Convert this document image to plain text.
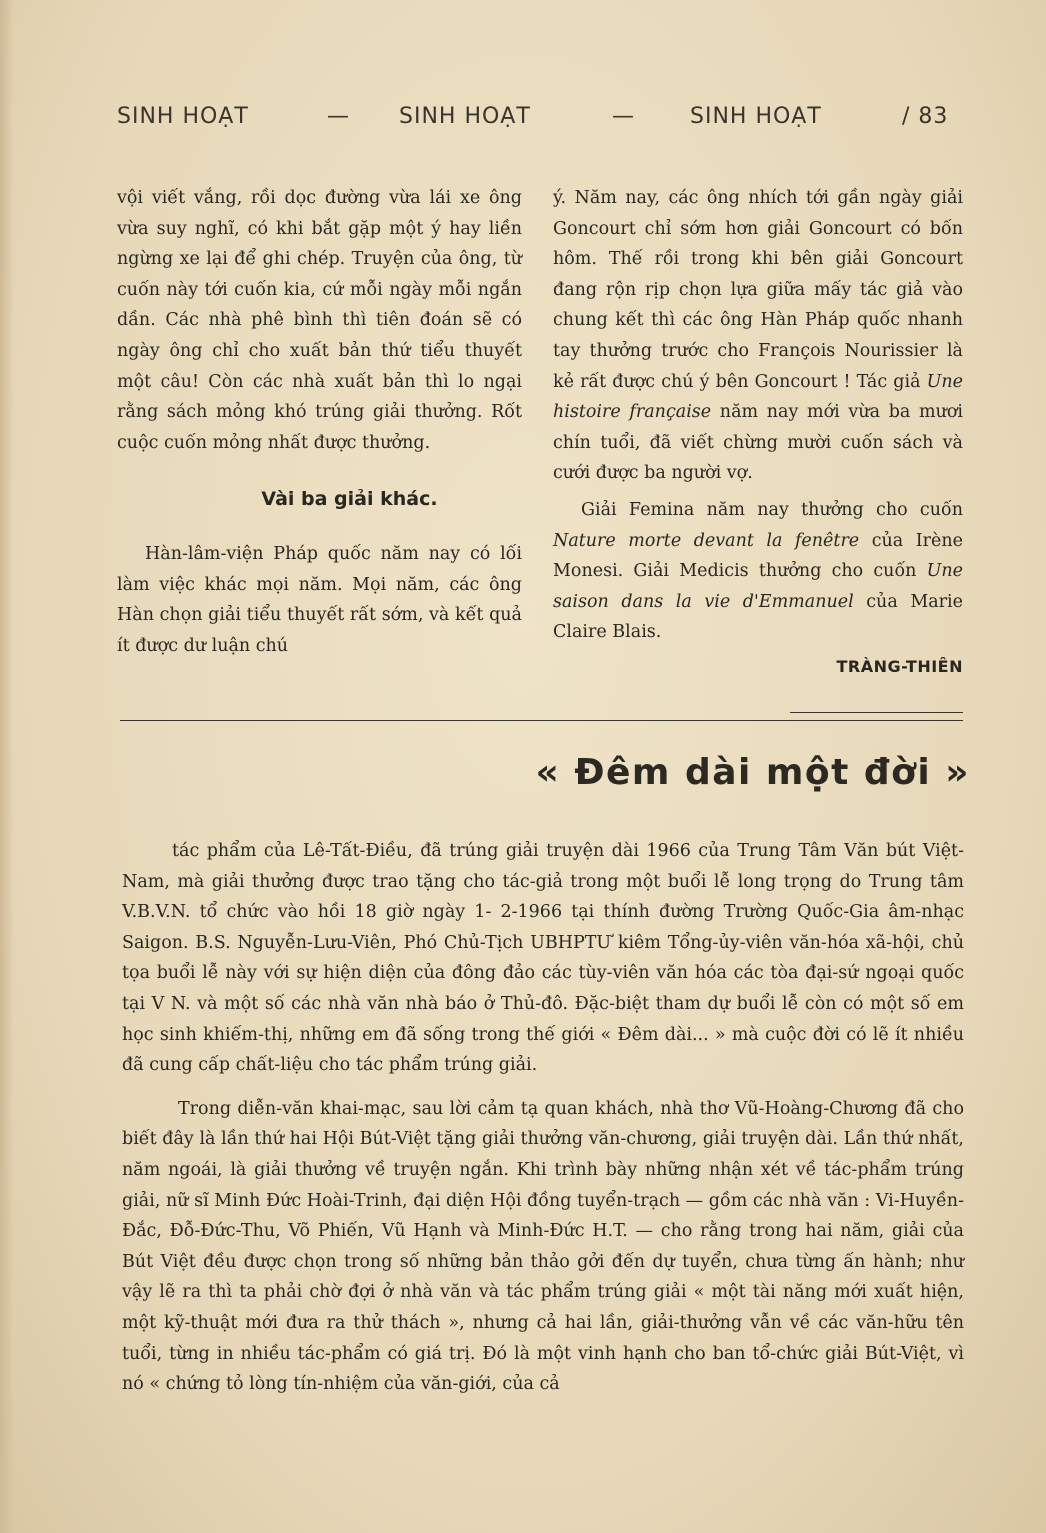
SINH HOẠT	— SINH HOẠT	—	SINH HOẠT	/ 83

vội viết vắng, rồi dọc đường vừa lái xe ông vừa suy nghĩ, có khi bắt gặp một ý hay liền ngừng xe lại để ghi chép. Truyện của ông, từ cuốn này tới cuốn kia, cứ mỗi ngày mỗi ngắn dần. Các nhà phê bình thì tiên đoán sẽ có ngày ông chỉ cho xuất bản thứ tiểu thuyết một câu! Còn các nhà xuất bản thì lo ngại rằng sách mỏng khó trúng giải thưởng. Rốt cuộc cuốn mỏng nhất được thưởng.

Vài ba giải khác.

Hàn-lâm-viện Pháp quốc năm nay có lối làm việc khác mọi năm. Mọi năm, các ông Hàn chọn giải tiểu thuyết rất sớm, và kết quả ít được dư luận chú

ý. Năm nay, các ông nhích tới gần ngày giải Goncourt chỉ sớm hơn giải Goncourt có bốn hôm. Thế rồi trong khi bên giải Goncourt đang rộn rịp chọn lựa giữa mấy tác giả vào chung kết thì các ông Hàn Pháp quốc nhanh tay thưởng trước cho François Nourissier là kẻ rất được chú ý bên Goncourt ! Tác giả Une histoire française năm nay mới vừa ba mươi chín tuổi, đã viết chừng mười cuốn sách và cưới được ba người vợ.

Giải Femina năm nay thưởng cho cuốn Nature morte devant la fenêtre của Irène Monesi. Giải Medicis thưởng cho cuốn Une saison dans la vie d'Emmanuel của Marie Claire Blais.

TRÀNG-THIÊN

« Đêm dài một đời »

tác phẩm của Lê-Tất-Điều, đã trúng giải truyện dài 1966 của Trung Tâm Văn bút Việt-Nam, mà giải thưởng được trao tặng cho tác-giả trong một buổi lễ long trọng do Trung tâm V.B.V.N. tổ chức vào hồi 18 giờ ngày 1- 2-1966 tại thính đường Trường Quốc-Gia âm-nhạc Saigon. B.S. Nguyễn-Lưu-Viên, Phó Chủ-Tịch UBHPTƯ kiêm Tổng-ủy-viên văn-hóa xã-hội, chủ tọa buổi lễ này với sự hiện diện của đông đảo các tùy-viên văn hóa các tòa đại-sứ ngoại quốc tại V N. và một số các nhà văn nhà báo ở Thủ-đô. Đặc-biệt tham dự buổi lễ còn có một số em học sinh khiếm-thị, những em đã sống trong thế giới « Đêm dài... » mà cuộc đời có lẽ ít nhiều đã cung cấp chất-liệu cho tác phẩm trúng giải.

Trong diễn-văn khai-mạc, sau lời cảm tạ quan khách, nhà thơ Vũ-Hoàng-Chương đã cho biết đây là lần thứ hai Hội Bút-Việt tặng giải thưởng văn-chương, giải truyện dài. Lần thứ nhất, năm ngoái, là giải thưởng về truyện ngắn. Khi trình bày những nhận xét về tác-phẩm trúng giải, nữ sĩ Minh Đức Hoài-Trinh, đại diện Hội đồng tuyển-trạch — gồm các nhà văn : Vi-Huyền-Đắc, Đỗ-Đức-Thu, Võ Phiến, Vũ Hạnh và Minh-Đức H.T. — cho rằng trong hai năm, giải của Bút Việt đều được chọn trong số những bản thảo gởi đến dự tuyển, chưa từng ấn hành; như vậy lẽ ra thì ta phải chờ đợi ở nhà văn và tác phẩm trúng giải « một tài năng mới xuất hiện, một kỹ-thuật mới đưa ra thử thách », nhưng cả hai lần, giải-thưởng vẫn về các văn-hữu tên tuổi, từng in nhiều tác-phẩm có giá trị. Đó là một vinh hạnh cho ban tổ-chức giải Bút-Việt, vì nó « chứng tỏ lòng tín-nhiệm của văn-giới, của cả
